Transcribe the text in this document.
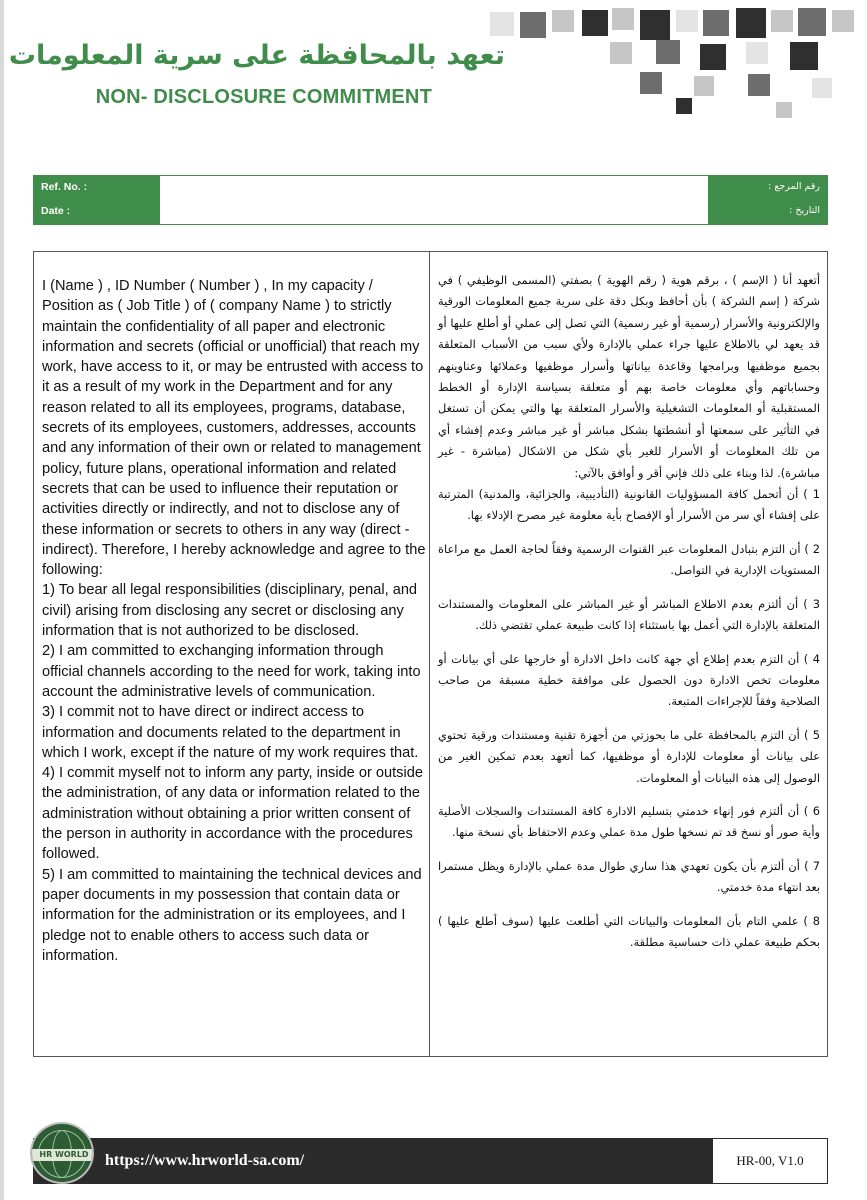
تعهد بالمحافظة على سرية المعلومات
NON- DISCLOSURE COMMITMENT
Ref. No. :
Date :
رقم المرجع :
التاريخ :

I (Name ) , ID Number ( Number ) , In my capacity / Position as ( Job Title ) of ( company Name ) to strictly maintain the confidentiality of all paper and electronic information and secrets (official or unofficial) that reach my work, have access to it, or may be entrusted with access to it as a result of my work in the Department and for any reason related to all its employees, programs, database, secrets of its employees, customers, addresses, accounts and any information of their own or related to management policy, future plans, operational information and related secrets that can be used to influence their reputation or activities directly or indirectly, and not to disclose any of these information or secrets to others in any way (direct - indirect). Therefore, I hereby acknowledge and agree to the following:

1) To bear all legal responsibilities (disciplinary, penal, and civil) arising from disclosing any secret or disclosing any information that is not authorized to be disclosed.

2) I am committed to exchanging information through official channels according to the need for work, taking into account the administrative levels of communication.

3) I commit not to have direct or indirect access to information and documents related to the department in which I work, except if the nature of my work requires that.

4) I commit myself not to inform any party, inside or outside the administration, of any data or information related to the administration without obtaining a prior written consent of the person in authority in accordance with the procedures followed.

5) I am committed to maintaining the technical devices and paper documents in my possession that contain data or information for the administration or its employees, and I pledge not to enable others to access such data or information.

أتعهد أنا ( الإسم ) ، برقم هوية ( رقم الهوية ) بصفتي (المسمى الوظيفي ) في شركة ( إسم الشركة ) بأن أحافظ وبكل دقة على سرية جميع المعلومات الورقية والإلكترونية والأسرار (رسمية أو غير رسمية) التي تصل إلى عملي أو أطلع عليها أو قد يعهد لي بالاطلاع عليها جراء عملي بالإدارة ولأي سبب من الأسباب المتعلقة بجميع موظفيها وبرامجها وقاعدة بياناتها وأسرار موظفيها وعملائها وعناوينهم وحساباتهم وأي معلومات خاصة بهم أو متعلقة بسياسة الإدارة أو الخطط المستقبلية أو المعلومات التشغيلية والأسرار المتعلقة بها والتي يمكن أن تستغل في التأثير على سمعتها أو أنشطتها بشكل مباشر أو غير مباشر وعدم إفشاء أي من تلك المعلومات أو الأسرار للغير بأي شكل من الاشكال (مباشرة - غير مباشرة). لذا وبناء على ذلك فإني أقر و أوافق بالآتي:

1 ) أن أتحمل كافة المسؤوليات القانونية (التأديبية، والجزائية، والمدنية) المترتبة على إفشاء أي سر من الأسرار أو الإفصاح بأية معلومة غير مصرح الإدلاء بها.

2 ) أن التزم بتبادل المعلومات عبر القنوات الرسمية وفقاً لحاجة العمل مع مراعاة المستويات الإدارية في التواصل.

3 ) أن ألتزم بعدم الاطلاع المباشر أو غير المباشر على المعلومات والمستندات المتعلقة بالإدارة التي أعمل بها باستثناء إذا كانت طبيعة عملي تقتضي ذلك.

4 ) أن التزم بعدم إطلاع أي جهة كانت داخل الادارة أو خارجها على أي بيانات أو معلومات تخص الادارة دون الحصول على موافقة خطية مسبقة من صاحب الصلاحية وفقاً للإجراءات المتبعة.

5 ) أن التزم بالمحافظة على ما بحوزتي من أجهزة تقنية ومستندات ورقية تحتوي على بيانات أو معلومات للإدارة أو موظفيها، كما أتعهد بعدم تمكين الغير من الوصول إلى هذه البيانات أو المعلومات.

6 ) أن ألتزم فور إنهاء خدمتي بتسليم الادارة كافة المستندات والسجلات الأصلية وأية صور أو نسخ قد تم نسخها طول مدة عملي وعدم الاحتفاظ بأي نسخة منها.

7 ) أن ألتزم بأن يكون تعهدي هذا ساري طوال مدة عملي بالإدارة ويظل مستمرا بعد انتهاء مدة خدمتي.

8 ) علمي التام بأن المعلومات والبيانات التي أطلعت عليها (سوف أطلع عليها ) بحكم طبيعة عملي ذات حساسية مطلقة.

https://www.hrworld-sa.com/	HR-00, V1.0
HR WORLD
